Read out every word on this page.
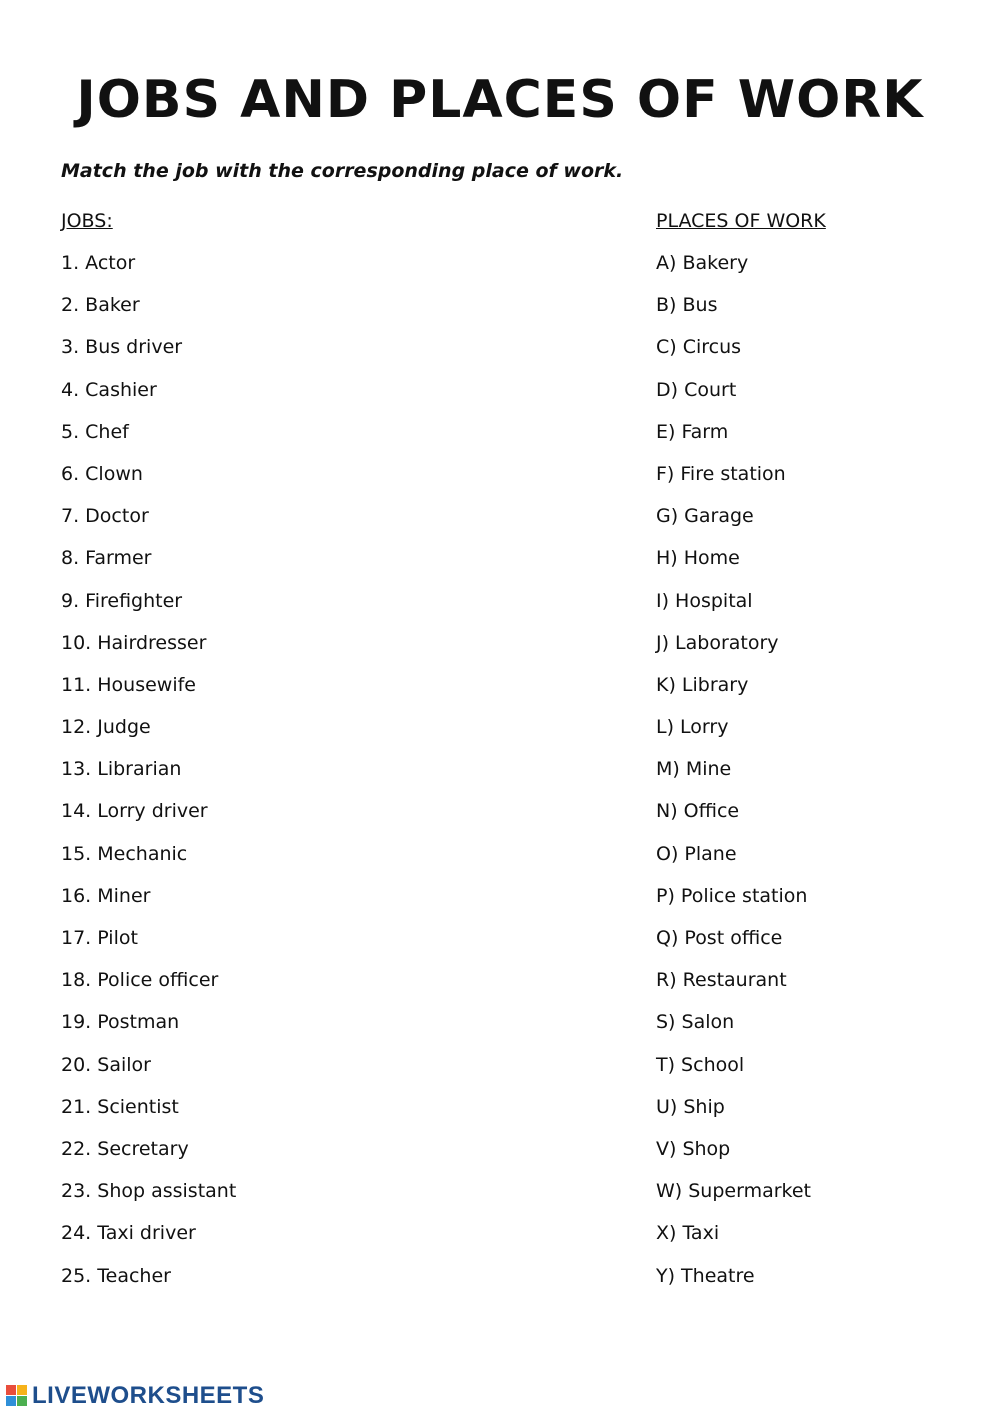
JOBS AND PLACES OF WORK
Match the job with the corresponding place of work.
JOBS:	PLACES OF WORK
1. Actor
2. Baker
3. Bus driver
4. Cashier
5. Chef
6. Clown
7. Doctor
8. Farmer
9. Firefighter
10. Hairdresser
11. Housewife
12. Judge
13. Librarian
14. Lorry driver
15. Mechanic
16. Miner
17. Pilot
18. Police officer
19. Postman
20. Sailor
21. Scientist
22. Secretary
23. Shop assistant
24. Taxi driver
25. Teacher
A) Bakery
B) Bus
C) Circus
D) Court
E) Farm
F) Fire station
G) Garage
H) Home
I) Hospital
J) Laboratory
K) Library
L) Lorry
M) Mine
N) Office
O) Plane
P) Police station
Q) Post office
R) Restaurant
S) Salon
T) School
U) Ship
V) Shop
W) Supermarket
X) Taxi
Y) Theatre
LIVEWORKSHEETS
